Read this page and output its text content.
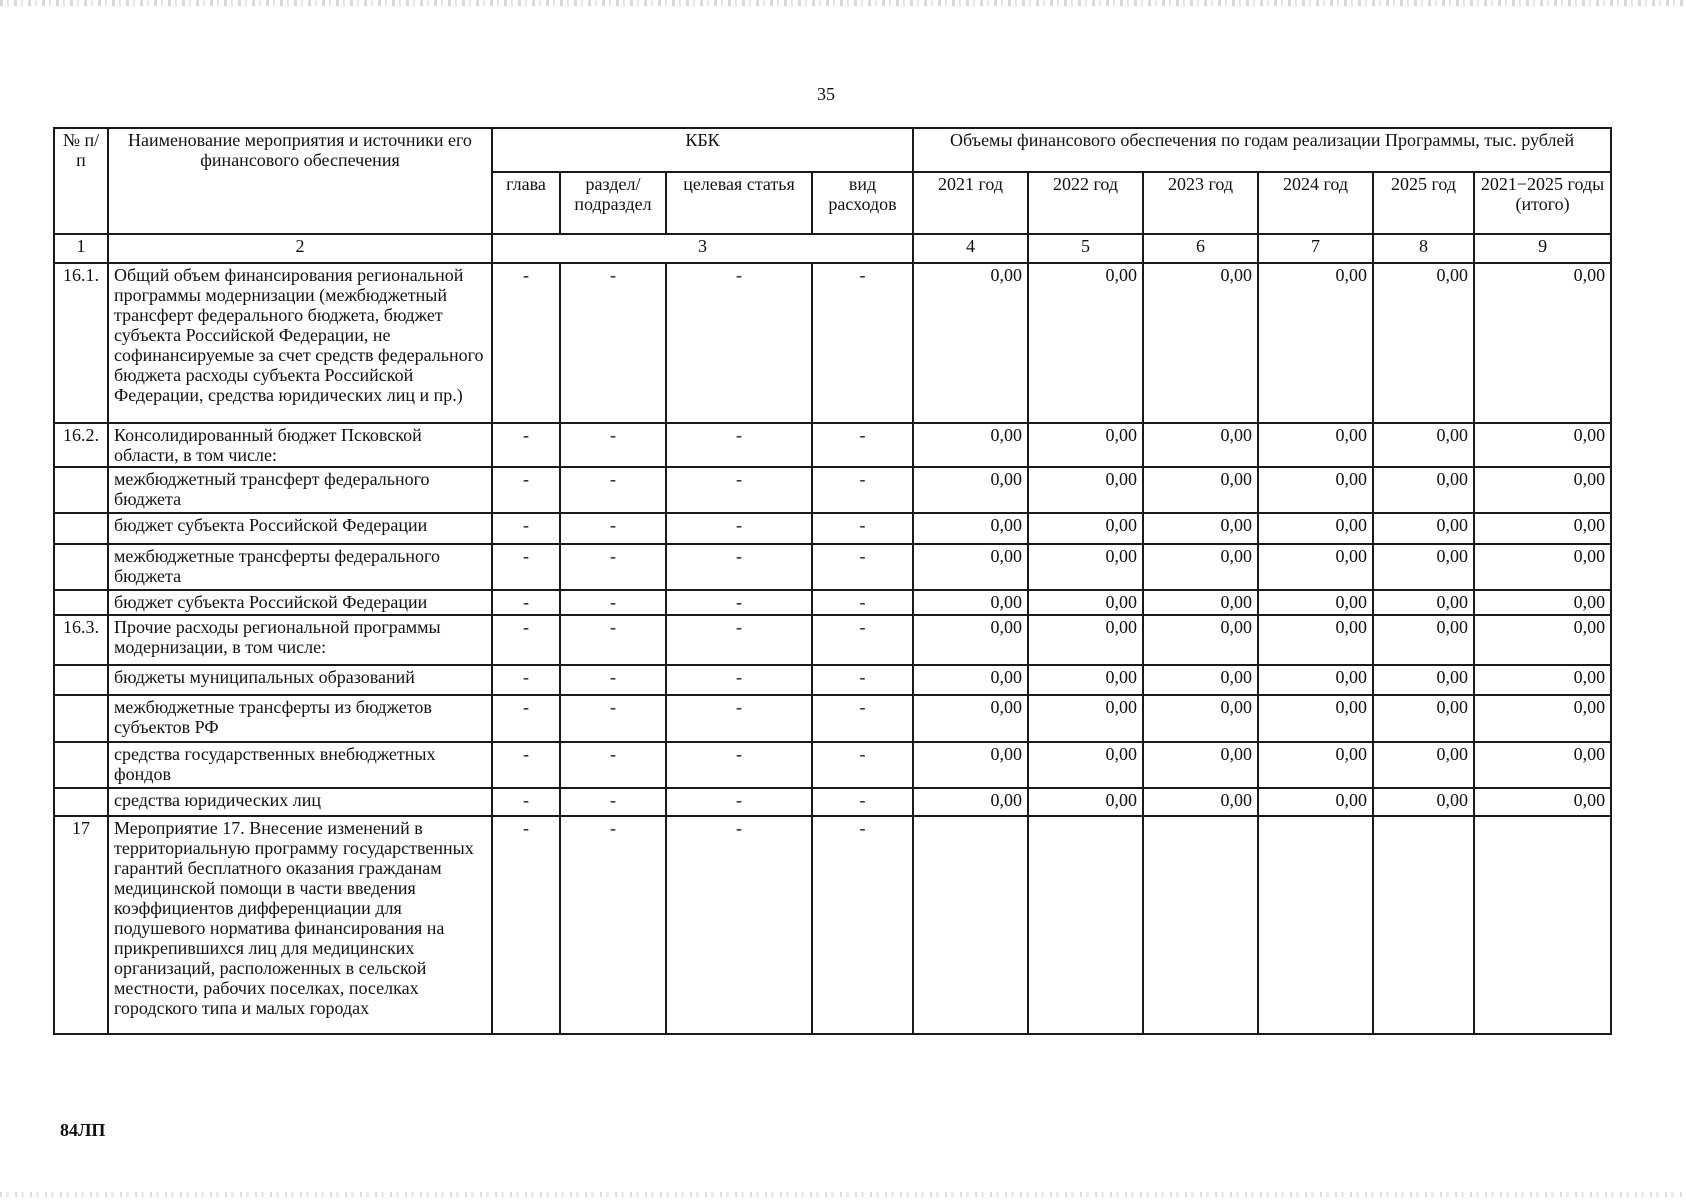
35
№ п/п	Наименование мероприятия и источники его финансового обеспечения	КБК				Объемы финансового обеспечения по годам реализации Программы, тыс. рублей					
		глава	раздел/ подраздел	целевая статья	вид расходов	2021 год	2022 год	2023 год	2024 год	2025 год	2021−2025 годы (итого)
1	2	3				4	5	6	7	8	9
16.1.	Общий объем финансирования региональной программы модернизации (межбюджетный трансферт федерального бюджета, бюджет субъекта Российской Федерации, не софинансируемые за счет средств федерального бюджета расходы субъекта Российской Федерации, средства юридических лиц и пр.)	-	-	-	-	0,00	0,00	0,00	0,00	0,00	0,00
16.2.	Консолидированный бюджет Псковской области, в том числе:	-	-	-	-	0,00	0,00	0,00	0,00	0,00	0,00
	межбюджетный трансферт федерального бюджета	-	-	-	-	0,00	0,00	0,00	0,00	0,00	0,00
	бюджет субъекта Российской Федерации	-	-	-	-	0,00	0,00	0,00	0,00	0,00	0,00
	межбюджетные трансферты федерального бюджета	-	-	-	-	0,00	0,00	0,00	0,00	0,00	0,00
	бюджет субъекта Российской Федерации	-	-	-	-	0,00	0,00	0,00	0,00	0,00	0,00
16.3.	Прочие расходы региональной программы модернизации, в том числе:	-	-	-	-	0,00	0,00	0,00	0,00	0,00	0,00
	бюджеты муниципальных образований	-	-	-	-	0,00	0,00	0,00	0,00	0,00	0,00
	межбюджетные трансферты из бюджетов субъектов РФ	-	-	-	-	0,00	0,00	0,00	0,00	0,00	0,00
	средства государственных внебюджетных фондов	-	-	-	-	0,00	0,00	0,00	0,00	0,00	0,00
	средства юридических лиц	-	-	-	-	0,00	0,00	0,00	0,00	0,00	0,00
17	Мероприятие 17. Внесение изменений в территориальную программу государственных гарантий бесплатного оказания гражданам медицинской помощи в части введения коэффициентов дифференциации для подушевого норматива финансирования на прикрепившихся лиц для медицинских организаций, расположенных в сельской местности, рабочих поселках, поселках городского типа и малых городах	-	-	-	-						
84ЛП
